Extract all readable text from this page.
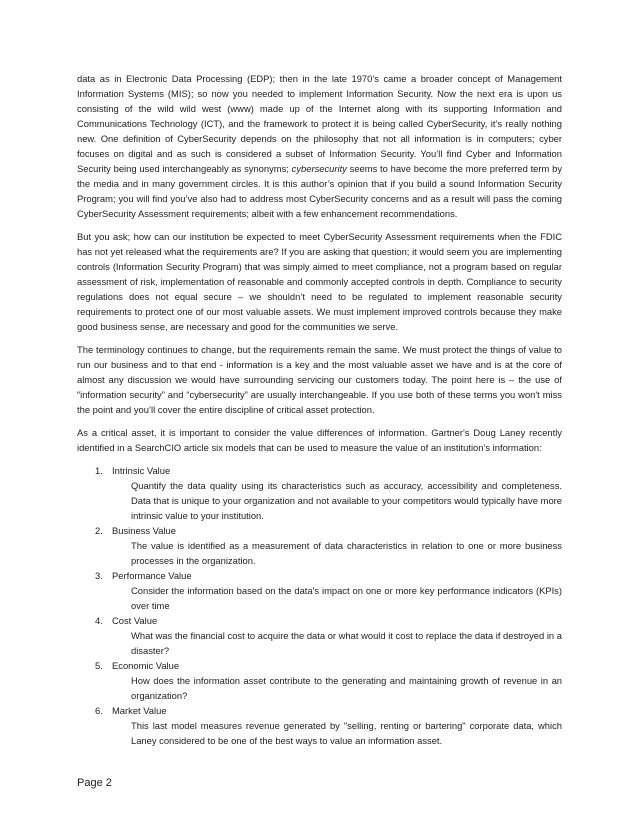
data as in Electronic Data Processing (EDP); then in the late 1970’s came a broader concept of Management Information Systems (MIS); so now you needed to implement Information Security. Now the next era is upon us consisting of the wild wild west (www) made up of the Internet along with its supporting Information and Communications Technology (ICT), and the framework to protect it is being called CyberSecurity, it’s really nothing new. One definition of CyberSecurity depends on the philosophy that not all information is in computers; cyber focuses on digital and as such is considered a subset of Information Security. You’ll find Cyber and Information Security being used interchangeably as synonyms; cybersecurity seems to have become the more preferred term by the media and in many government circles. It is this author’s opinion that if you build a sound Information Security Program; you will find you’ve also had to address most CyberSecurity concerns and as a result will pass the coming CyberSecurity Assessment requirements; albeit with a few enhancement recommendations.

But you ask; how can our institution be expected to meet CyberSecurity Assessment requirements when the FDIC has not yet released what the requirements are? If you are asking that question; it would seem you are implementing controls (Information Security Program) that was simply aimed to meet compliance, not a program based on regular assessment of risk, implementation of reasonable and commonly accepted controls in depth. Compliance to security regulations does not equal secure – we shouldn’t need to be regulated to implement reasonable security requirements to protect one of our most valuable assets. We must implement improved controls because they make good business sense, are necessary and good for the communities we serve.

The terminology continues to change, but the requirements remain the same. We must protect the things of value to run our business and to that end - information is a key and the most valuable asset we have and is at the core of almost any discussion we would have surrounding servicing our customers today. The point here is – the use of “information security” and “cybersecurity” are usually interchangeable. If you use both of these terms you won't miss the point and you’ll cover the entire discipline of critical asset protection.

As a critical asset, it is important to consider the value differences of information. Gartner's Doug Laney recently identified in a SearchCIO article six models that can be used to measure the value of an institution’s information:

1. Intrinsic Value
Quantify the data quality using its characteristics such as accuracy, accessibility and completeness. Data that is unique to your organization and not available to your competitors would typically have more intrinsic value to your institution.
2. Business Value
The value is identified as a measurement of data characteristics in relation to one or more business processes in the organization.
3. Performance Value
Consider the information based on the data's impact on one or more key performance indicators (KPIs) over time
4. Cost Value
What was the financial cost to acquire the data or what would it cost to replace the data if destroyed in a disaster?
5. Economic Value
How does the information asset contribute to the generating and maintaining growth of revenue in an organization?
6. Market Value
This last model measures revenue generated by "selling, renting or bartering" corporate data, which Laney considered to be one of the best ways to value an information asset.
Page 2
